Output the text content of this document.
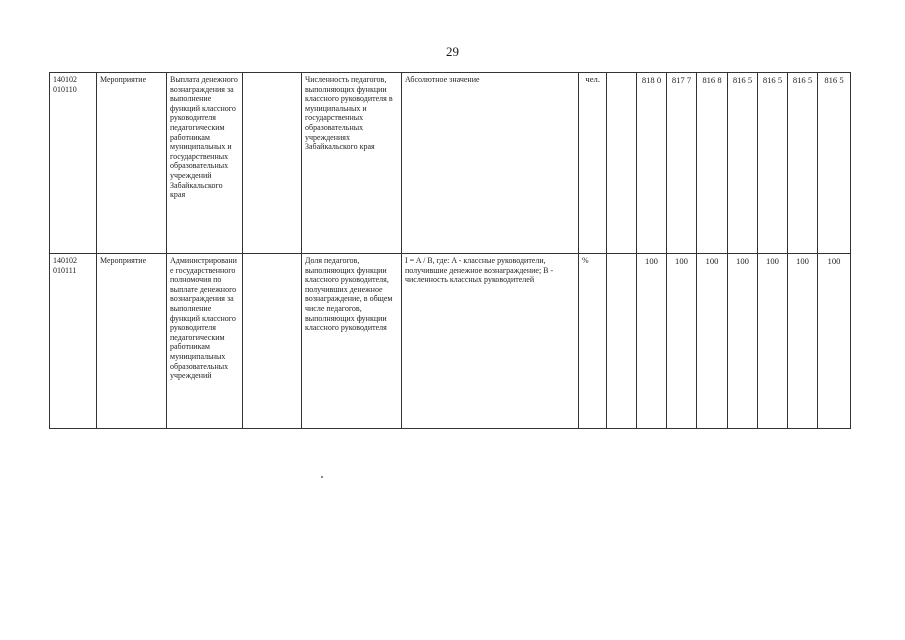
29
140102 010110	Мероприятие	Выплата денежного вознаграждения за выполнение функций классного руководителя педагогическим работникам муниципальных и государственных образовательных учреждений Забайкальского края		Численность педагогов, выполняющих функции классного руководителя в муниципальных и государственных образовательных учреждениях Забайкальского края	Абсолютное значение	чел.		818 0	817 7	816 8	816 5	816 5	816 5	816 5
140102 010111	Мероприятие	Администрирование государственного полномочия по выплате денежного вознаграждения за выполнение функций классного руководителя педагогическим работникам муниципальных образовательных учреждений		Доля педагогов, выполняющих функции классного руководителя, получивших денежное вознаграждение, в общем числе педагогов, выполняющих функции классного руководителя	I = A / B, где: A - классные руководители, получившие денежное вознаграждение; B - численность классных руководителей	%		100	100	100	100	100	100	100
